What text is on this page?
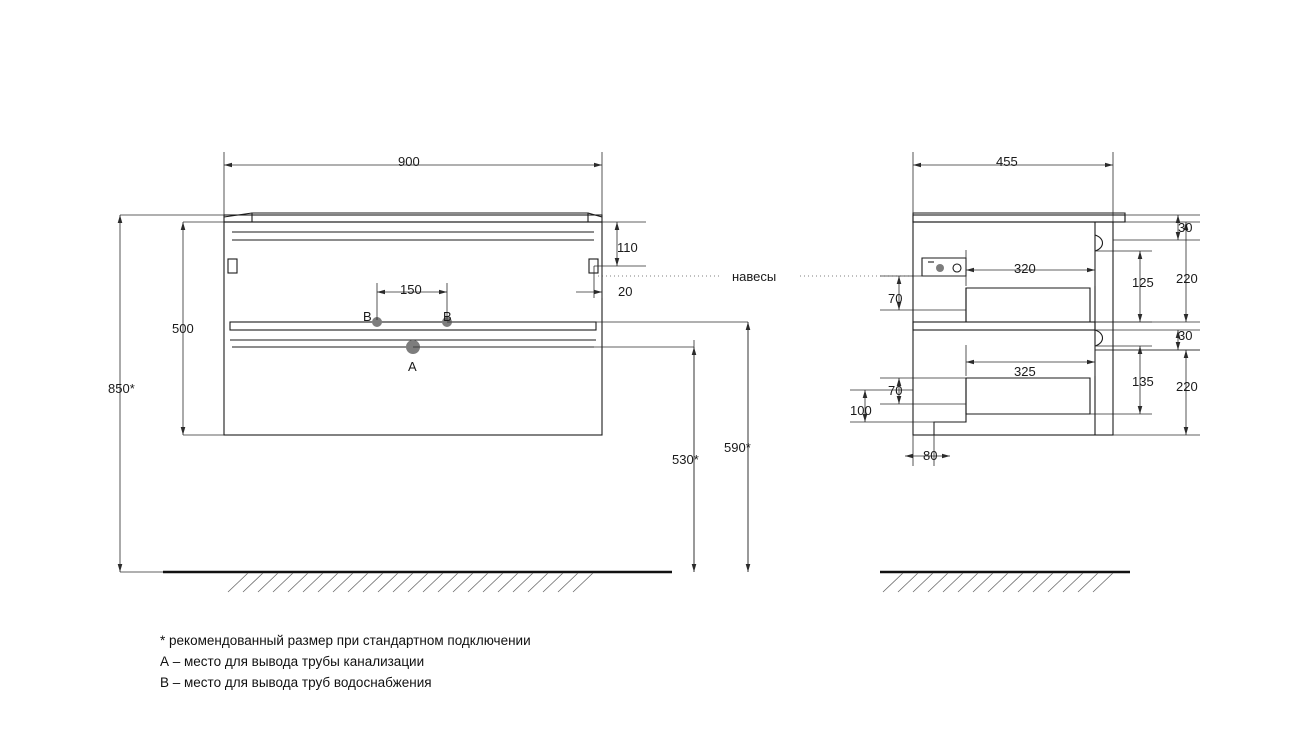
900
110
20
150
500
850*
530*
590*
A
B	B
навесы
455
30
320
125 220
70
30
325
135 220
70
100
80
* рекомендованный размер при стандартном подключении
А – место для вывода трубы канализации
В – место для вывода труб водоснабжения
